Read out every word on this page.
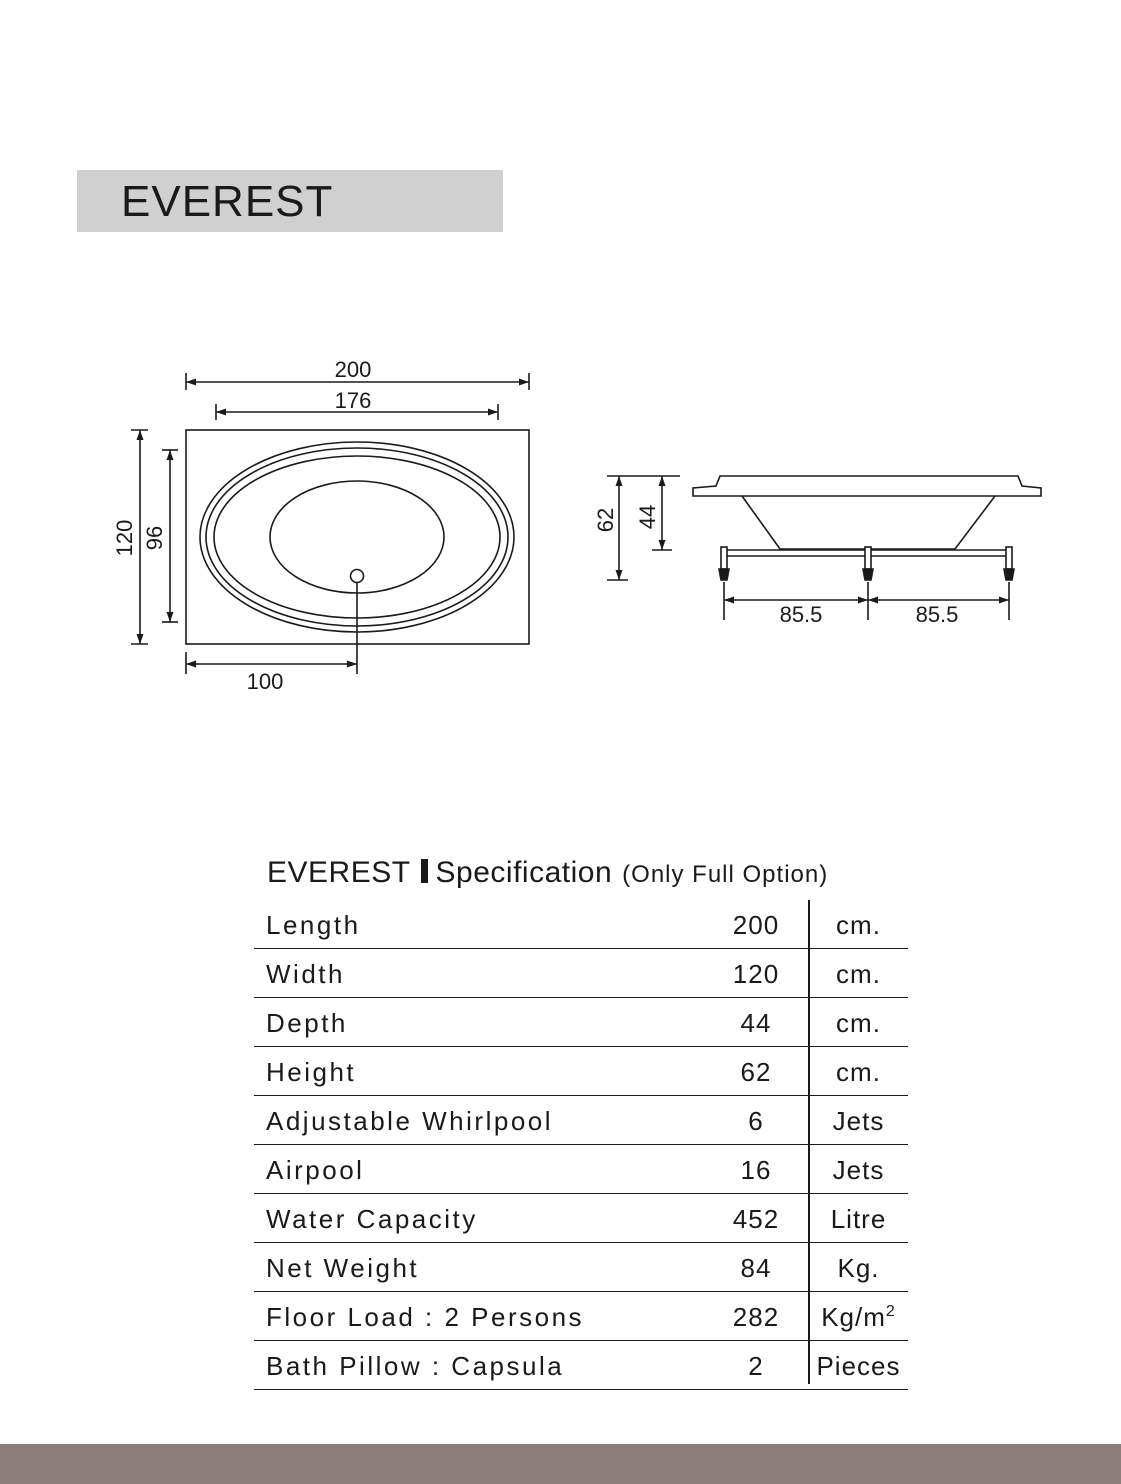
EVEREST
200
176
120 96
100
62 44
85.5	85.5
EVEREST Specification (Only Full Option)
Length	200	cm.
Width	120	cm.
Depth	44	cm.
Height	62	cm.
Adjustable Whirlpool	6	Jets
Airpool	16	Jets
Water Capacity	452	Litre
Net Weight	84	Kg.
Floor Load : 2 Persons	282	$Kg/m^2$
Bath Pillow : Capsula	2	Pieces
